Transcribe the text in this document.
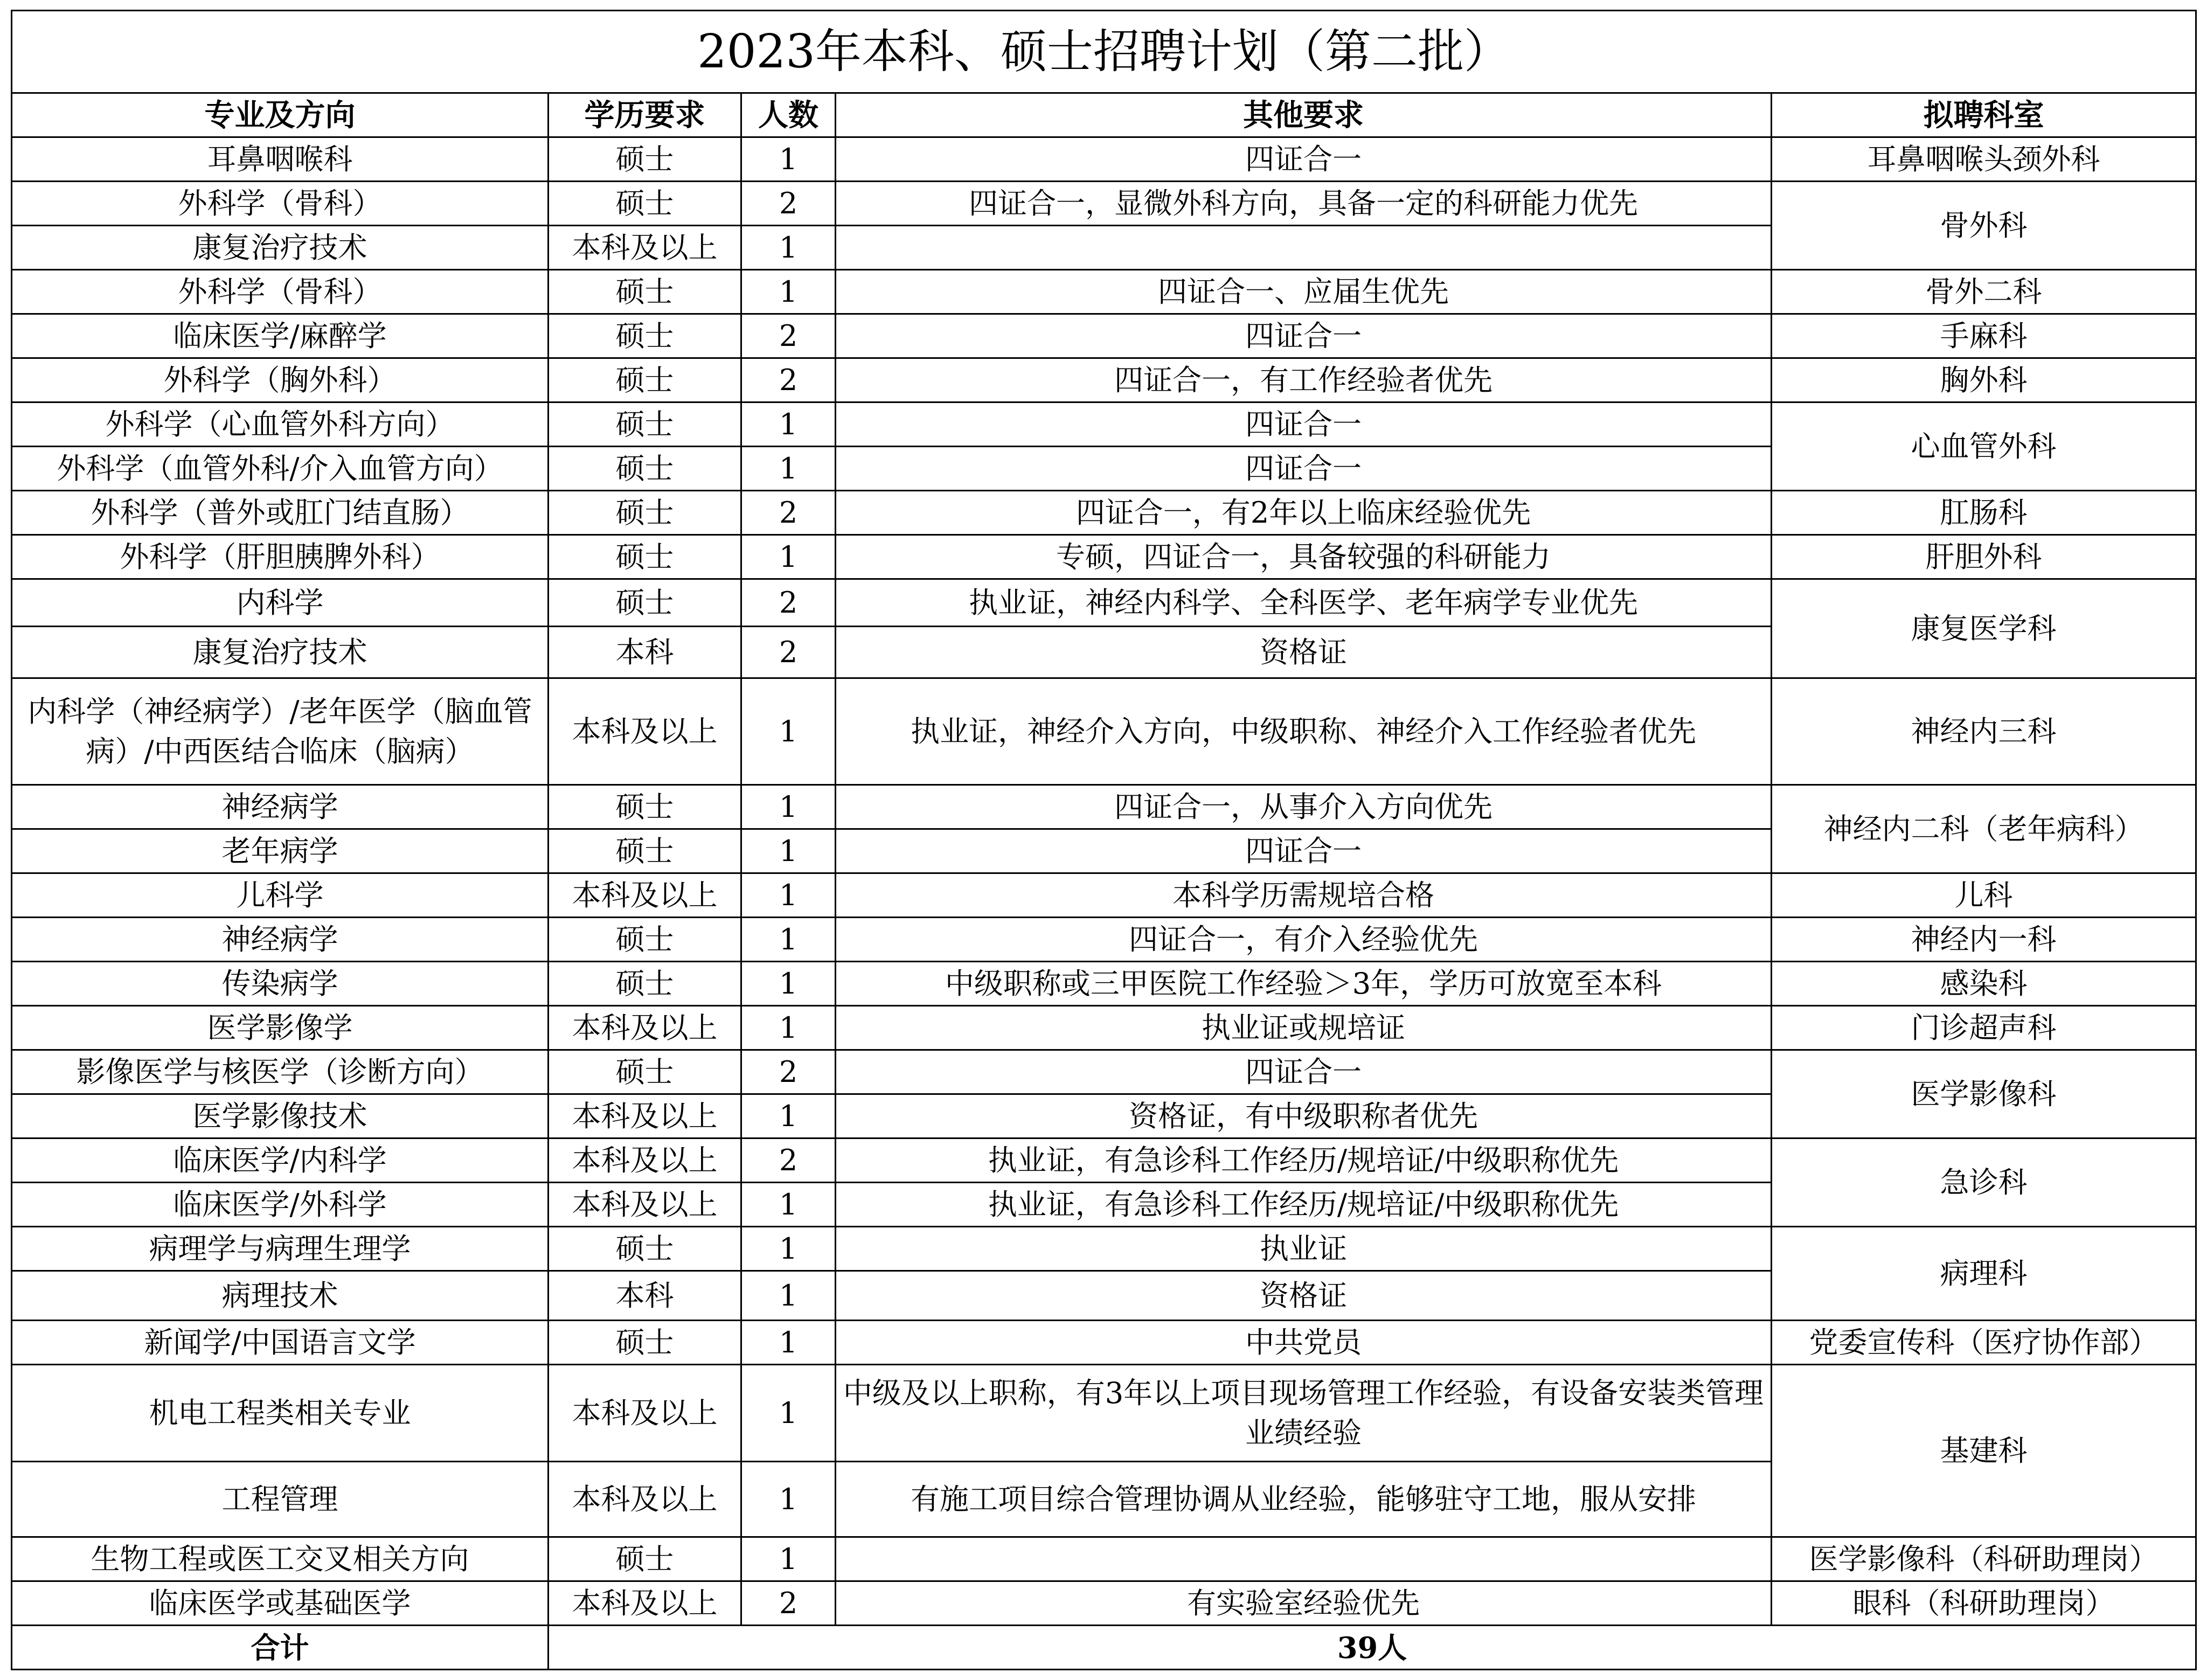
2023年本科、硕士招聘计划（第二批）				
专业及方向	学历要求	人数	其他要求	拟聘科室
耳鼻咽喉科	硕士	1	四证合一	耳鼻咽喉头颈外科
外科学（骨科）	硕士	2	四证合一，显微外科方向，具备一定的科研能力优先	骨外科
康复治疗技术	本科及以上	1		
外科学（骨科）	硕士	1	四证合一、应届生优先	骨外二科
临床医学/麻醉学	硕士	2	四证合一	手麻科
外科学（胸外科）	硕士	2	四证合一，有工作经验者优先	胸外科
外科学（心血管外科方向）	硕士	1	四证合一	心血管外科
外科学（血管外科/介入血管方向）	硕士	1	四证合一	
外科学（普外或肛门结直肠）	硕士	2	四证合一，有2年以上临床经验优先	肛肠科
外科学（肝胆胰脾外科）	硕士	1	专硕，四证合一，具备较强的科研能力	肝胆外科
内科学	硕士	2	执业证，神经内科学、全科医学、老年病学专业优先	康复医学科
康复治疗技术	本科	2	资格证	
内科学（神经病学）/老年医学（脑血管病）/中西医结合临床（脑病）	本科及以上	1	执业证，神经介入方向，中级职称、神经介入工作经验者优先	神经内三科
神经病学	硕士	1	四证合一，从事介入方向优先	神经内二科（老年病科）
老年病学	硕士	1	四证合一	
儿科学	本科及以上	1	本科学历需规培合格	儿科
神经病学	硕士	1	四证合一，有介入经验优先	神经内一科
传染病学	硕士	1	中级职称或三甲医院工作经验＞3年，学历可放宽至本科	感染科
医学影像学	本科及以上	1	执业证或规培证	门诊超声科
影像医学与核医学（诊断方向）	硕士	2	四证合一	医学影像科
医学影像技术	本科及以上	1	资格证，有中级职称者优先	
临床医学/内科学	本科及以上	2	执业证，有急诊科工作经历/规培证/中级职称优先	急诊科
临床医学/外科学	本科及以上	1	执业证，有急诊科工作经历/规培证/中级职称优先	
病理学与病理生理学	硕士	1	执业证	病理科
病理技术	本科	1	资格证	
新闻学/中国语言文学	硕士	1	中共党员	党委宣传科（医疗协作部）
机电工程类相关专业	本科及以上	1	中级及以上职称，有3年以上项目现场管理工作经验，有设备安装类管理业绩经验	基建科
工程管理	本科及以上	1	有施工项目综合管理协调从业经验，能够驻守工地，服从安排	
生物工程或医工交叉相关方向	硕士	1		医学影像科（科研助理岗）
临床医学或基础医学	本科及以上	2	有实验室经验优先	眼科（科研助理岗）
合计	39人			
